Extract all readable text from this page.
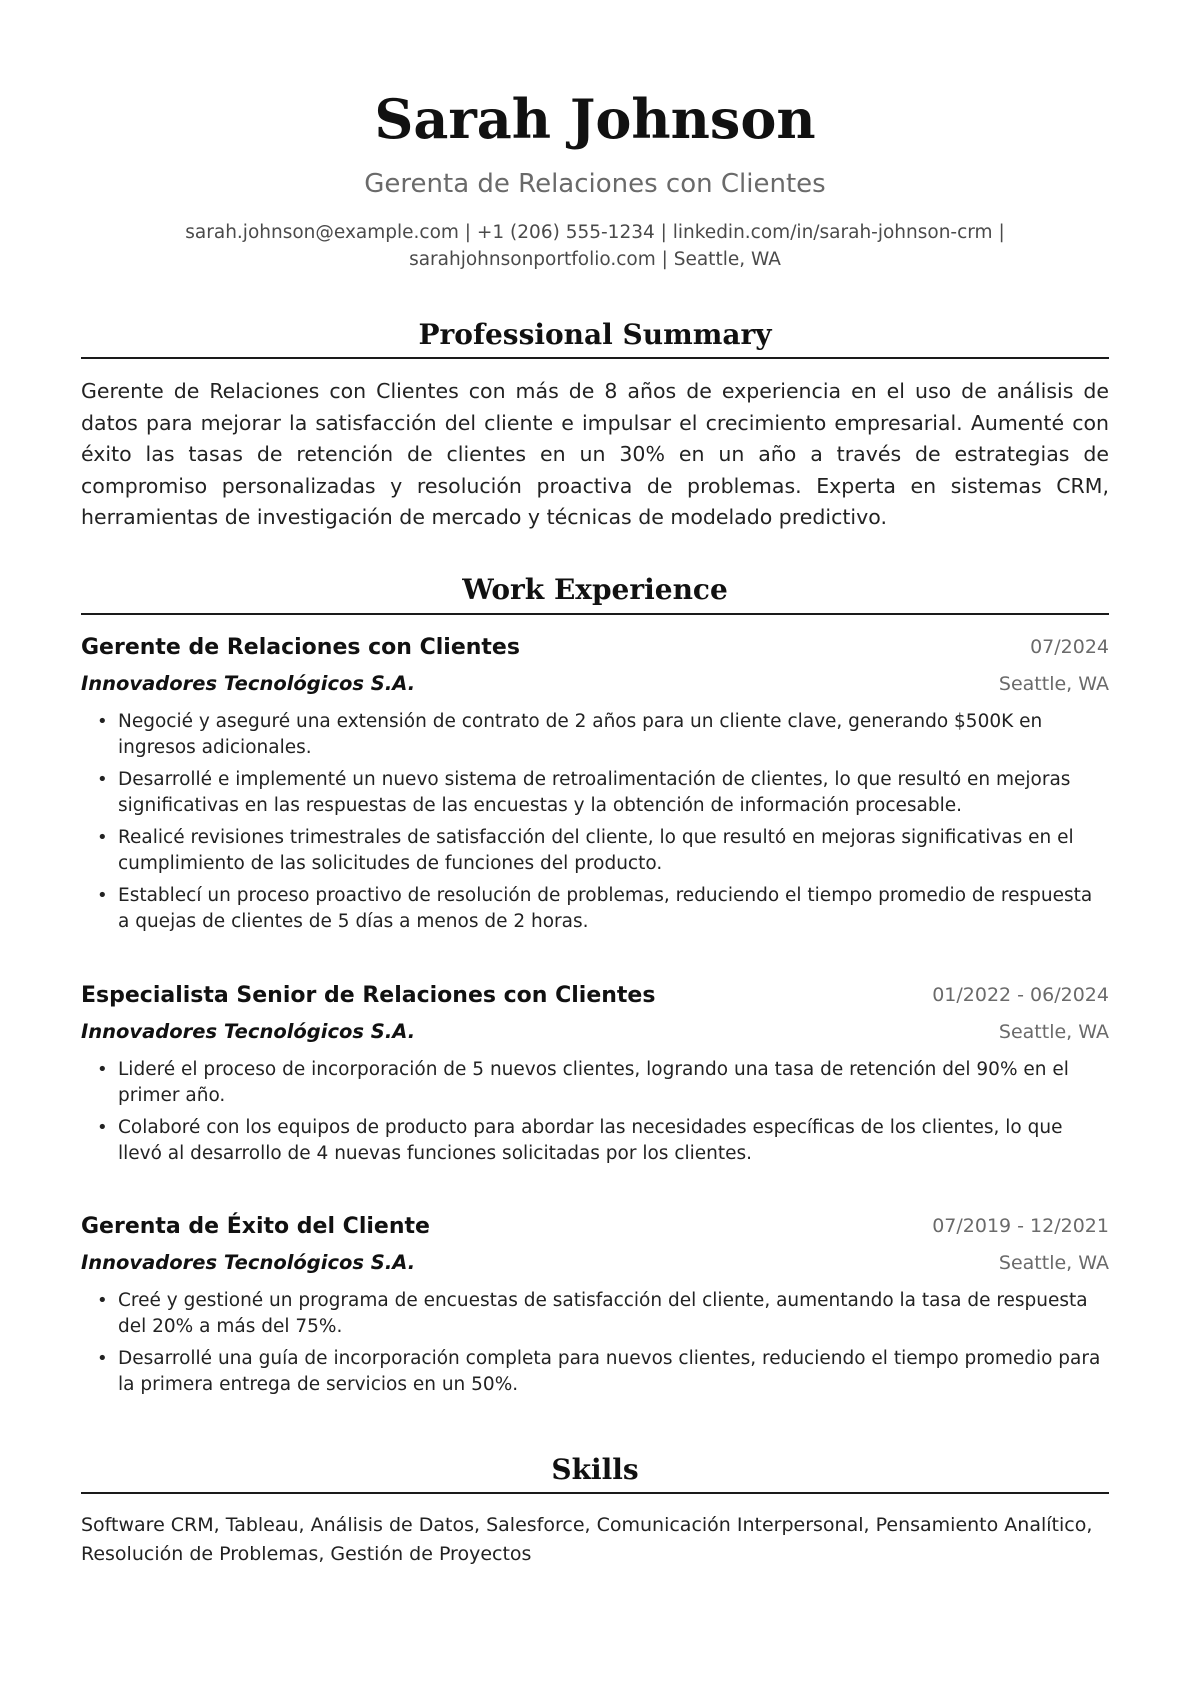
Sarah Johnson
Gerenta de Relaciones con Clientes
sarah.johnson@example.com | +1 (206) 555-1234 | linkedin.com/in/sarah-johnson-crm |
sarahjohnsonportfolio.com | Seattle, WA
Professional Summary
Gerente de Relaciones con Clientes con más de 8 años de experiencia en el uso de análisis de datos para mejorar la satisfacción del cliente e impulsar el crecimiento empresarial. Aumenté con éxito las tasas de retención de clientes en un 30% en un año a través de estrategias de compromiso personalizadas y resolución proactiva de problemas. Experta en sistemas CRM, herramientas de investigación de mercado y técnicas de modelado predictivo.
Work Experience
Gerente de Relaciones con Clientes	07/2024
Innovadores Tecnológicos S.A.	Seattle, WA
• Negocié y aseguré una extensión de contrato de 2 años para un cliente clave, generando $500K en ingresos adicionales.
• Desarrollé e implementé un nuevo sistema de retroalimentación de clientes, lo que resultó en mejoras significativas en las respuestas de las encuestas y la obtención de información procesable.
• Realicé revisiones trimestrales de satisfacción del cliente, lo que resultó en mejoras significativas en el cumplimiento de las solicitudes de funciones del producto.
• Establecí un proceso proactivo de resolución de problemas, reduciendo el tiempo promedio de respuesta a quejas de clientes de 5 días a menos de 2 horas.
Especialista Senior de Relaciones con Clientes	01/2022 - 06/2024
Innovadores Tecnológicos S.A.	Seattle, WA
• Lideré el proceso de incorporación de 5 nuevos clientes, logrando una tasa de retención del 90% en el primer año.
• Colaboré con los equipos de producto para abordar las necesidades específicas de los clientes, lo que llevó al desarrollo de 4 nuevas funciones solicitadas por los clientes.
Gerenta de Éxito del Cliente	07/2019 - 12/2021
Innovadores Tecnológicos S.A.	Seattle, WA
• Creé y gestioné un programa de encuestas de satisfacción del cliente, aumentando la tasa de respuesta del 20% a más del 75%.
• Desarrollé una guía de incorporación completa para nuevos clientes, reduciendo el tiempo promedio para la primera entrega de servicios en un 50%.
Skills
Software CRM, Tableau, Análisis de Datos, Salesforce, Comunicación Interpersonal, Pensamiento Analítico, Resolución de Problemas, Gestión de Proyectos
